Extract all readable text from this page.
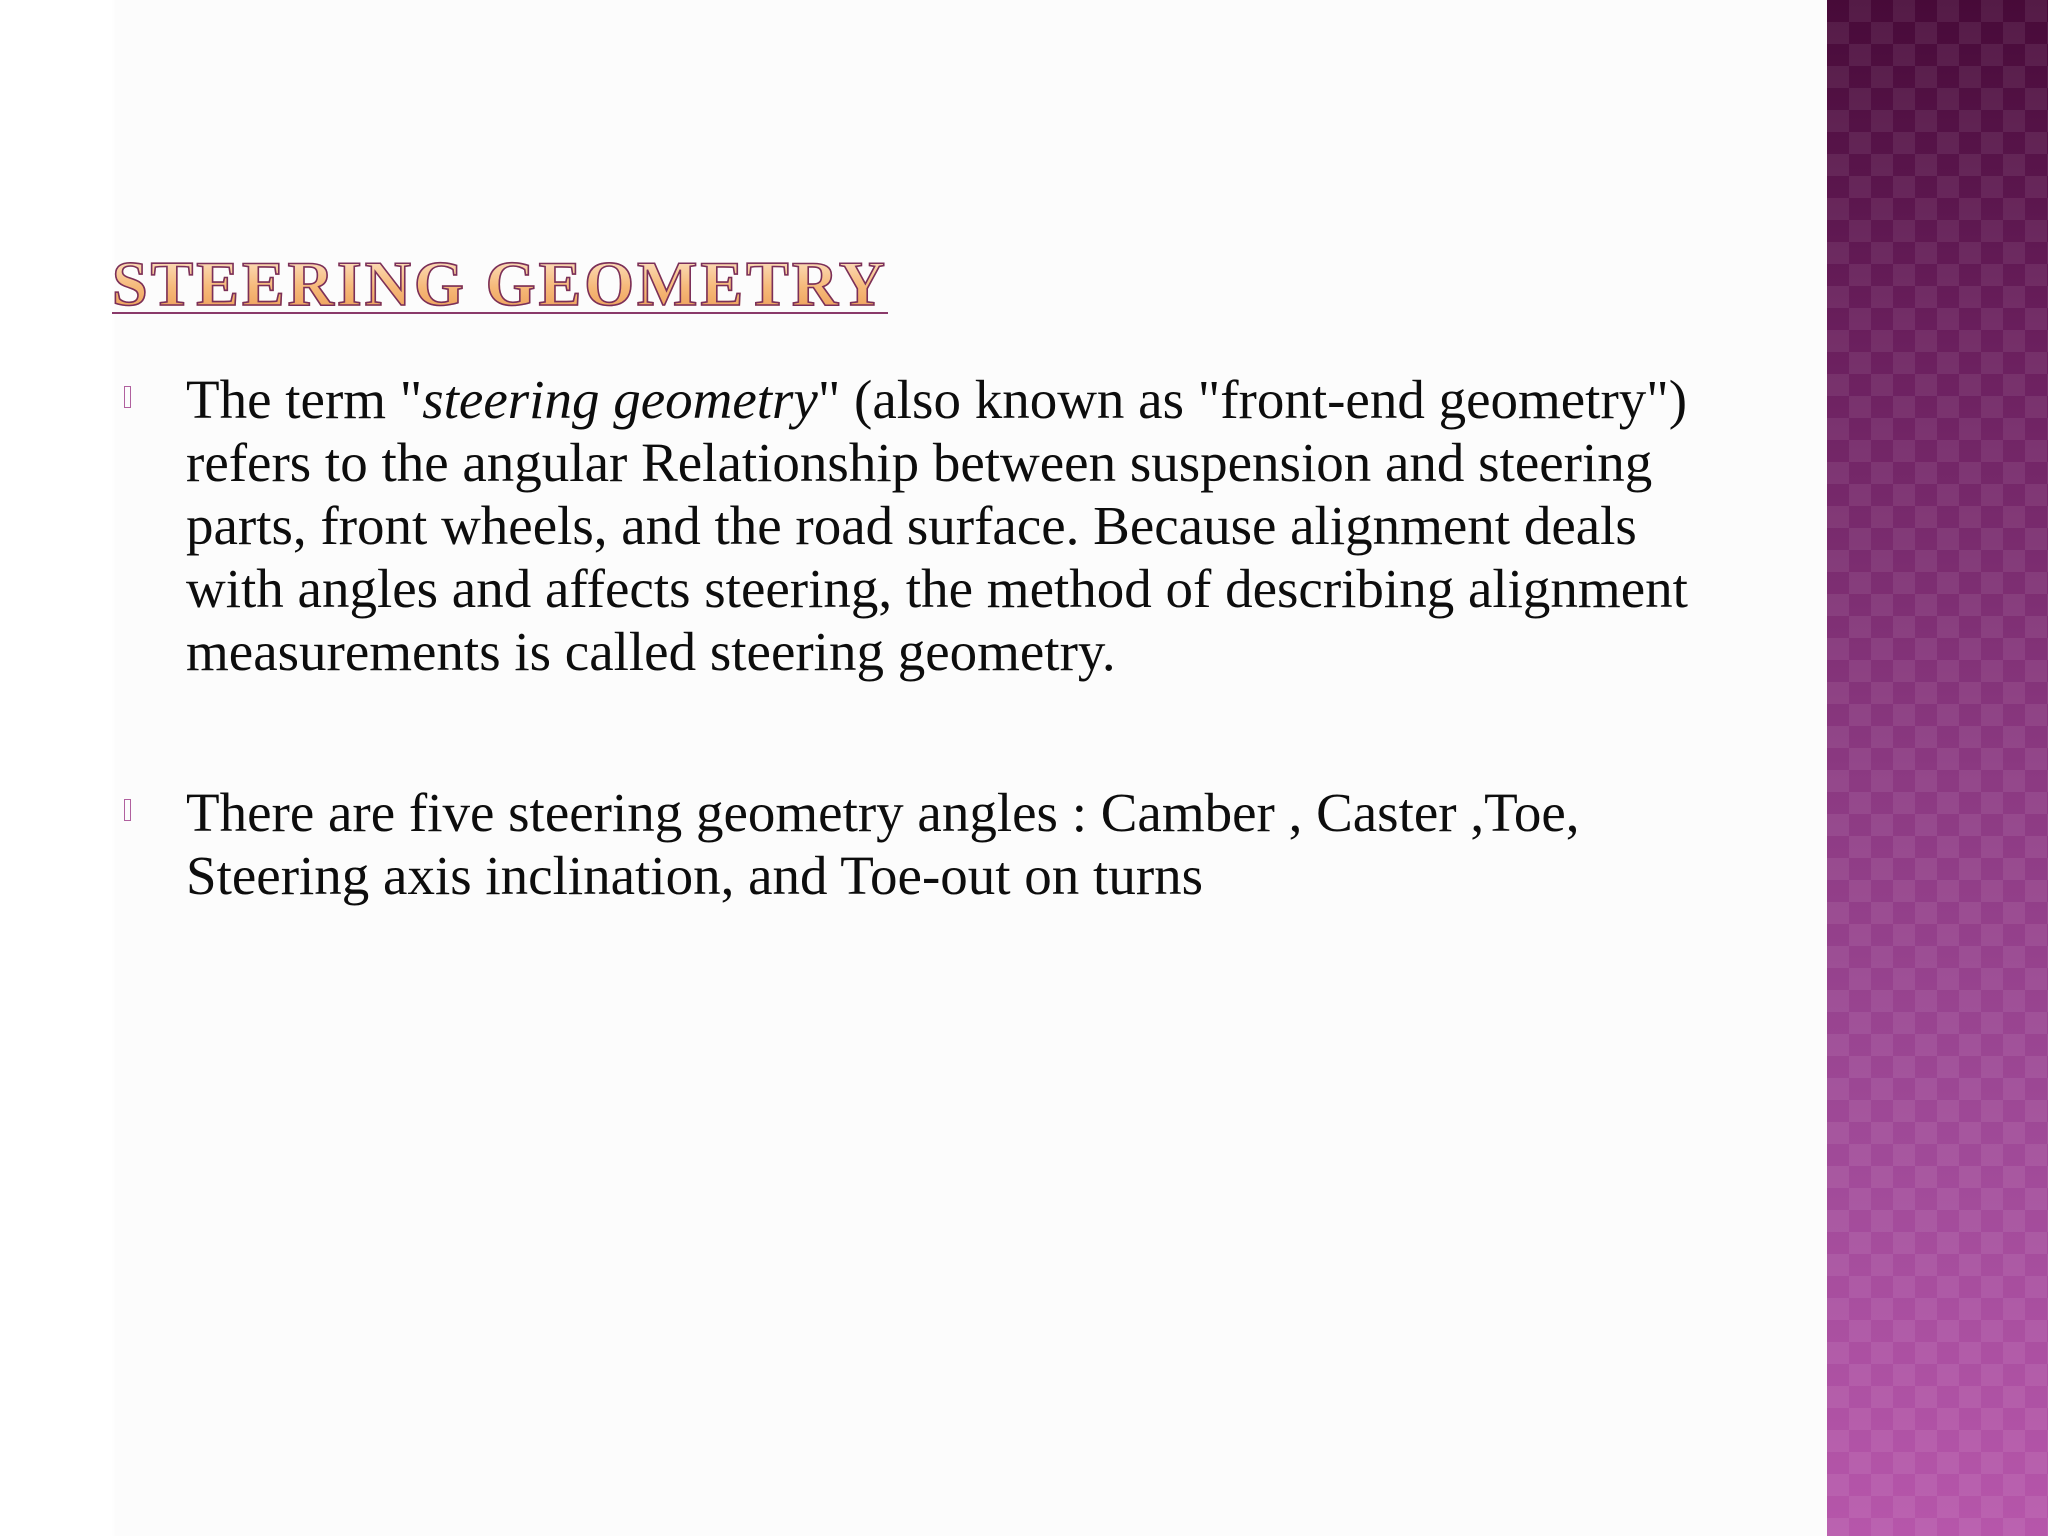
STEERING GEOMETRY
The term "steering geometry" (also known as "front-end geometry") refers to the angular Relationship between suspension and steering parts, front wheels, and the road surface. Because alignment deals with angles and affects steering, the method of describing alignment measurements is called steering geometry.
There are five steering geometry angles : Camber , Caster ,Toe, Steering axis inclination, and Toe-out on turns
